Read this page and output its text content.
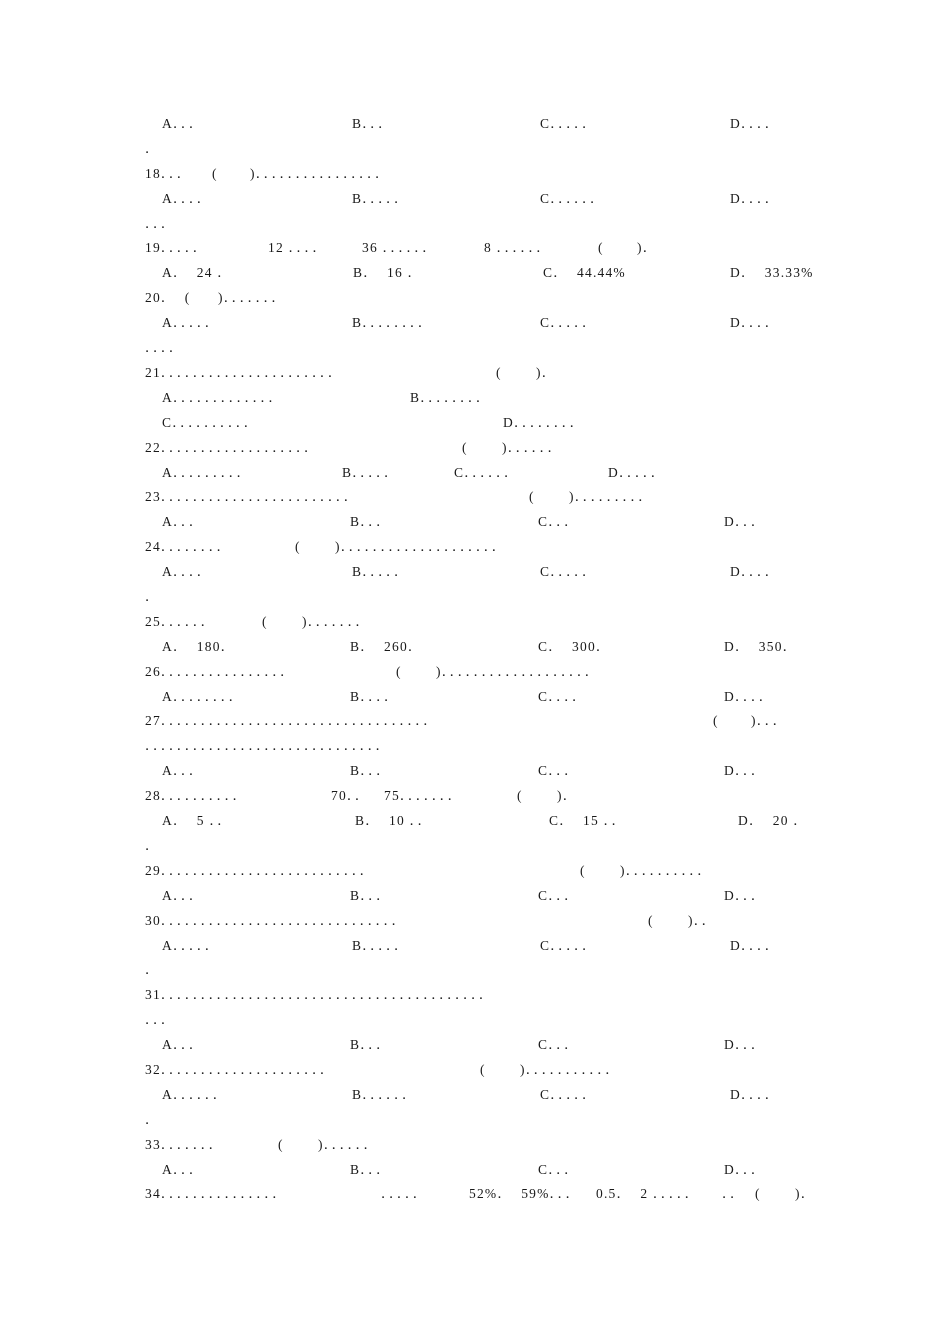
A．．．	B．．．	C．．．．．	D．．．．
．
18．．． ( )．．．．．．．．．．．．．．．．
A．．．．	B．．．．．	C．．．．．．	D．．．．
．．．
19．．．．．	12 ．．．．	36 ．．．．．．	8 ．．．．．．	( )．
A．  24 ．	B．  16 ．	C．  44.44%	D．  33.33%
20．  ( )．．．．．．．
A．．．．．	B．．．．．．．．	C．．．．．	D．．．．
．．．．
21．．．．．．．．．．．．．．．．．．．．．．	(	)．
A．．．．．．．．．．．．．	B．．．．．．．．
C．．．．．．．．．．	D．．．．．．．．
22．．．．．．．．．．．．．．．．．．．	(	)．．．．．．
A．．．．．．．．．	B．．．．．	C．．．．．．	D．．．．．
23．．．．．．．．．．．．．．．．．．．．．．．．	(	)．．．．．．．．．
A．．．	B．．．	C．．．	D．．．
24．．．．．．．．	(	)．．．．．．．．．．．．．．．．．．．．
A．．．．	B．．．．．	C．．．．．	D．．．．
．
25．．．．．．	(	)．．．．．．．
A．  180．	B．  260．	C．  300．	D．  350．
26．．．．．．．．．．．．．．．．	(	)．．．．．．．．．．．．．．．．．．．
A．．．．．．．．	B．．．．	C．．．．	D．．．．
27．．．．．．．．．．．．．．．．．．．．．．．．．．．．．．．．．．	( )．．．
．．．．．．．．．．．．．．．．．．．．．．．．．．．．．．
A．．．	B．．．	C．．．	D．．．
28．．．．．．．．．．	70．． 75．．．．．．．	(	)．
A．  5 ．．	B．  10 ．．	C．  15 ．．	D．  20 ．
．
29．．．．．．．．．．．．．．．．．．．．．．．．．．	(	)．．．．．．．．．．
A．．．	B．．．	C．．．	D．．．
30．．．．．．．．．．．．．．．．．．．．．．．．．．．．．．	(	)．．
A．．．．．	B．．．．．	C．．．．．	D．．．．
．
31．．．．．．．．．．．．．．．．．．．．．．．．．．．．．．．．．．．．．．．．．
．．．
A．．．	B．．．	C．．．	D．．．
32．．．．．．．．．．．．．．．．．．．．．	(	)．．．．．．．．．．．
A．．．．．．	B．．．．．．	C．．．．．	D．．．．
．
33．．．．．．．	(	)．．．．．．
A．．．	B．．．	C．．．	D．．．
34．．．．．．．．．．．．．．．	．．．．．	52%．  59%．．． 0.5．  2 ．．．．． ．． (	)．
